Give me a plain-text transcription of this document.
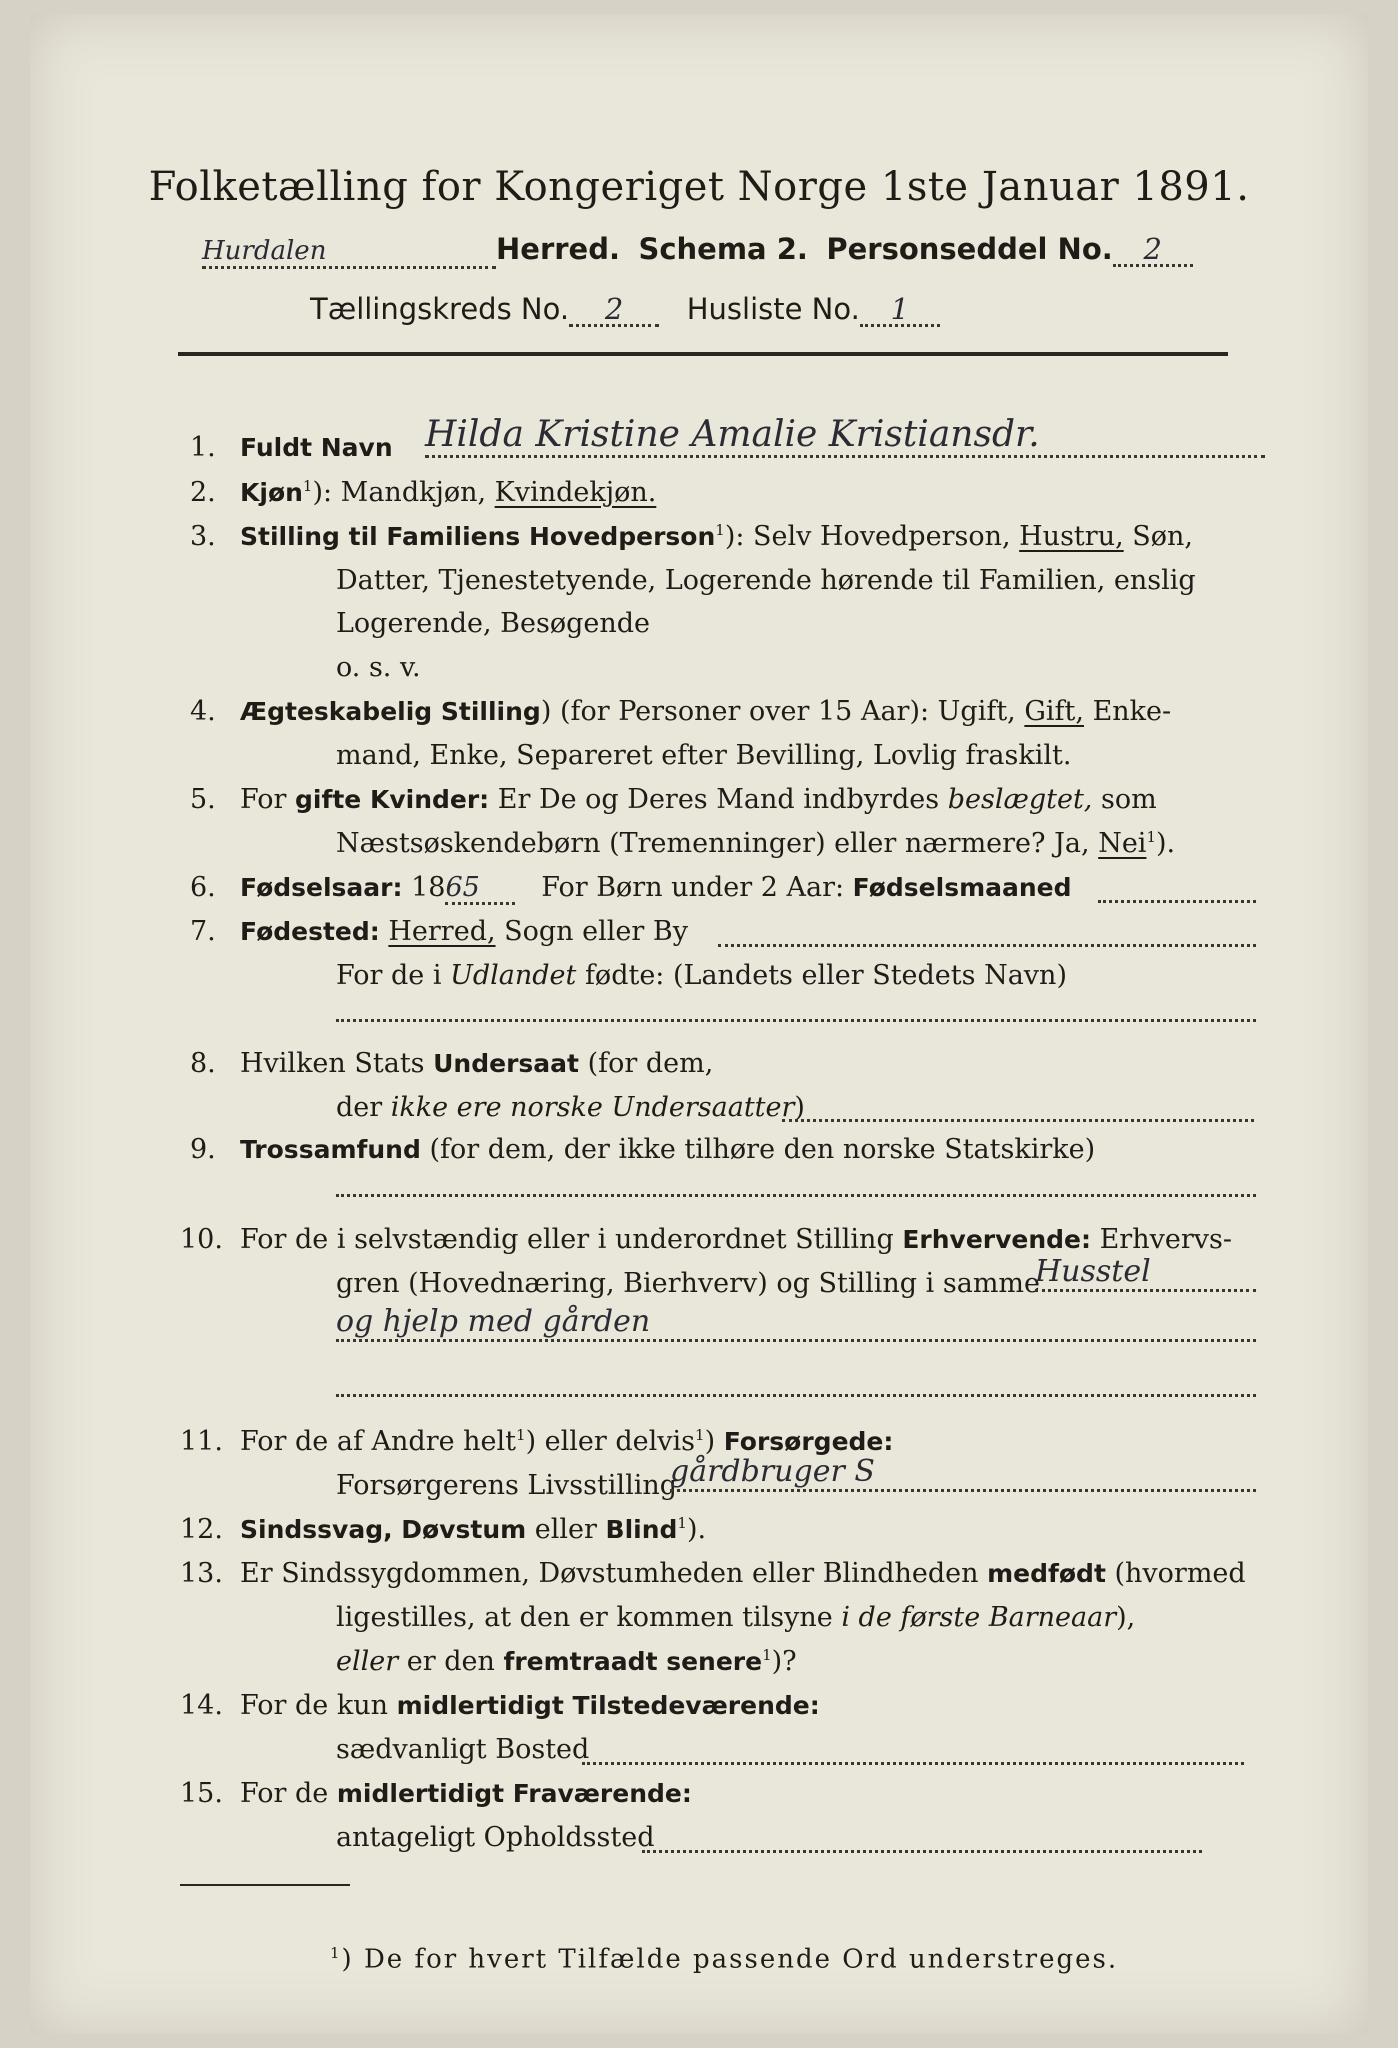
Folketælling for Kongeriget Norge 1ste Januar 1891.
Hurdalen	Herred. Schema 2. Personseddel No. 2
Tællingskreds No. 2 Husliste No. 1
1. Fuldt Navn Hilda Kristine Amalie Kristiansdr.
2. Kjøn$^1$): Mandkjøn, Kvindekjøn.
3. Stilling til Familiens Hovedperson$^1$): Selv Hovedperson, Hustru, Søn,
Datter, Tjenestetyende, Logerende hørende til Familien, enslig
Logerende, Besøgende
o. s. v.
4. Ægteskabelig Stilling) (for Personer over 15 Aar): Ugift, Gift, Enke-
mand, Enke, Separeret efter Bevilling, Lovlig fraskilt.
5. For gifte Kvinder: Er De og Deres Mand indbyrdes beslægtet, som
Næstsøskendebørn (Tremenninger) eller nærmere? Ja, Nei$^1$).
6. Fødselsaar: 1865 For Børn under 2 Aar: Fødselsmaaned
7. Fødested: Herred, Sogn eller By
For de i Udlandet fødte: (Landets eller Stedets Navn)
8. Hvilken Stats Undersaat (for dem,
der ikke ere norske Undersaatter)
9. Trossamfund (for dem, der ikke tilhøre den norske Statskirke)
10. For de i selvstændig eller i underordnet Stilling Erhvervende: Erhvervs-
gren (Hovednæring, Bierhverv) og Stilling i samme
Husstel
og hjelp med gården
11. For de af Andre helt$^1$) eller delvis$^1$) Forsørgede:
Forsørgerens Livsstilling
gårdbruger S
12. Sindssvag, Døvstum eller Blind$^1$).
13. Er Sindssygdommen, Døvstumheden eller Blindheden medfødt (hvormed
ligestilles, at den er kommen tilsyne i de første Barneaar),
eller er den fremtraadt senere$^1$)?
14. For de kun midlertidigt Tilstedeværende:
sædvanligt Bosted
15. For de midlertidigt Fraværende:
antageligt Opholdssted
$^1$) De for hvert Tilfælde passende Ord understreges.
